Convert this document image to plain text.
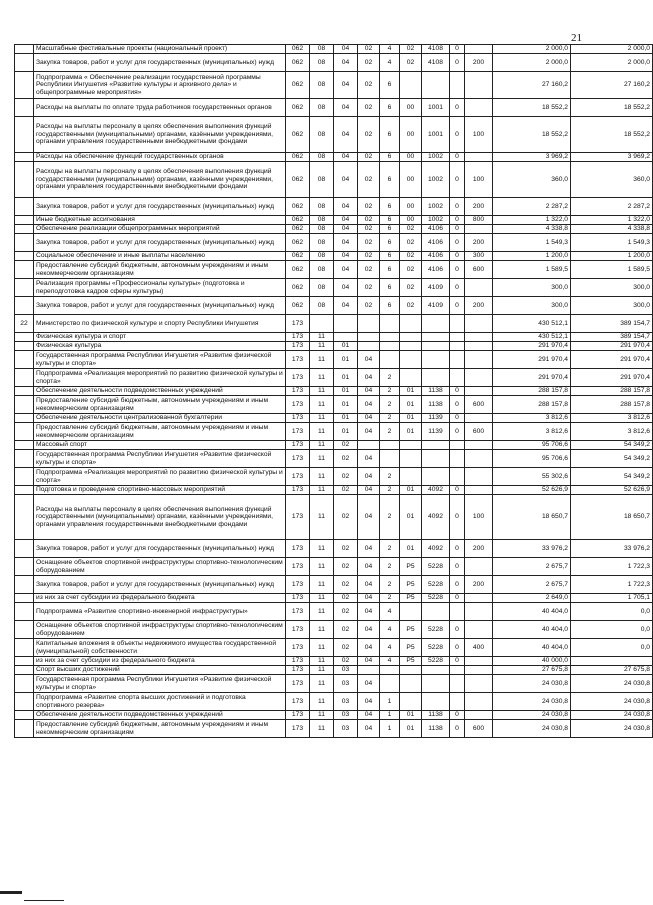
21
	Масштабные фестивальные проекты (национальный проект)	062	08	04	02	4	02	4108	0		2 000,0	2 000,0
	Закупка товаров, работ и услуг для государственных (муниципальных) нужд	062	08	04	02	4	02	4108	0	200	2 000,0	2 000,0
	Подпрограмма « Обеспечение реализации государственной программы Республики Ингушетия «Развитие культуры и архивного дела» и общепрограммные мероприятия»	062	08	04	02	6					27 160,2	27 160,2
	Расходы на выплаты по оплате труда работников государственных органов	062	08	04	02	6	00	1001	0		18 552,2	18 552,2
	Расходы на выплаты персоналу в целях обеспечения выполнения функций государственными (муниципальными) органами, казёнными учреждениями, органами управления государственными внебюджетными фондами	062	08	04	02	6	00	1001	0	100	18 552,2	18 552,2
	Расходы на обеспечение функций государственных органов	062	08	04	02	6	00	1002	0		3 969,2	3 969,2
	Расходы на выплаты персоналу в целях обеспечения выполнения функций государственными (муниципальными) органами, казёнными учреждениями, органами управления государственными внебюджетными фондами	062	08	04	02	6	00	1002	0	100	360,0	360,0
	Закупка товаров, работ и услуг для государственных (муниципальных) нужд	062	08	04	02	6	00	1002	0	200	2 287,2	2 287,2
	Иные бюджетные ассигнования	062	08	04	02	6	00	1002	0	800	1 322,0	1 322,0
	Обеспечение реализации общепрограммных мероприятий	062	08	04	02	6	02	4106	0		4 338,8	4 338,8
	Закупка товаров, работ и услуг для государственных (муниципальных) нужд	062	08	04	02	6	02	4106	0	200	1 549,3	1 549,3
	Социальное обеспечение и иные выплаты населению	062	08	04	02	6	02	4106	0	300	1 200,0	1 200,0
	Предоставление субсидий бюджетным, автономным учреждениям и иным некоммерческим организациям	062	08	04	02	6	02	4106	0	600	1 589,5	1 589,5
	Реализация программы «Профессионалы культуры» (подготовка и переподготовка кадров сферы культуры)	062	08	04	02	6	02	4109	0		300,0	300,0
	Закупка товаров, работ и услуг для государственных (муниципальных) нужд	062	08	04	02	6	02	4109	0	200	300,0	300,0
22	Министерство по физической культуре и спорту Республики Ингушетия	173									430 512,1	389 154,7
	Физическая культура и спорт	173	11								430 512,1	389 154,7
	Физическая культура	173	11	01							291 970,4	291 970,4
	Государственная программа Республики Ингушетия «Развитие физической культуры и спорта»	173	11	01	04						291 970,4	291 970,4
	Подпрограмма «Реализация мероприятий по развитию физической культуры и спорта»	173	11	01	04	2					291 970,4	291 970,4
	Обеспечение деятельности подведомственных учреждений	173	11	01	04	2	01	1138	0		288 157,8	288 157,8
	Предоставление субсидий бюджетным, автономным учреждениям и иным некоммерческим организациям	173	11	01	04	2	01	1138	0	600	288 157,8	288 157,8
	Обеспечение деятельности централизованной бухгалтерии	173	11	01	04	2	01	1139	0		3 812,6	3 812,6
	Предоставление субсидий бюджетным, автономным учреждениям и иным некоммерческим организациям	173	11	01	04	2	01	1139	0	600	3 812,6	3 812,6
	Массовый спорт	173	11	02							95 706,6	54 349,2
	Государственная программа Республики Ингушетия «Развитие физической культуры и спорта»	173	11	02	04						95 706,6	54 349,2
	Подпрограмма «Реализация мероприятий по развитию физической культуры и спорта»	173	11	02	04	2					55 302,6	54 349,2
	Подготовка и проведение спортивно-массовых мероприятий	173	11	02	04	2	01	4092	0		52 626,9	52 626,9
	Расходы на выплаты персоналу в целях обеспечения выполнения функций государственными (муниципальными) органами, казёнными учреждениями, органами управления государственными внебюджетными фондами	173	11	02	04	2	01	4092	0	100	18 650,7	18 650,7
	Закупка товаров, работ и услуг для государственных (муниципальных) нужд	173	11	02	04	2	01	4092	0	200	33 976,2	33 976,2
	Оснащение объектов спортивной инфраструктуры спортивно-технологическим оборудованием	173	11	02	04	2	P5	5228	0		2 675,7	1 722,3
	Закупка товаров, работ и услуг для государственных (муниципальных) нужд	173	11	02	04	2	P5	5228	0	200	2 675,7	1 722,3
	из них за счет субсидии из федерального бюджета	173	11	02	04	2	P5	5228	0		2 649,0	1 705,1
	Подпрограмма «Развитие спортивно-инженерной инфраструктуры»	173	11	02	04	4					40 404,0	0,0
	Оснащение объектов спортивной инфраструктуры спортивно-технологическим оборудованием	173	11	02	04	4	P5	5228	0		40 404,0	0,0
	Капитальные вложения в объекты недвижимого имущества государственной (муниципальной) собственности	173	11	02	04	4	P5	5228	0	400	40 404,0	0,0
	из них за счет субсидии из федерального бюджета	173	11	02	04	4	P5	5228	0		40 000,0	
	Спорт высших достижений	173	11	03							27 675,8	27 675,8
	Государственная программа Республики Ингушетия «Развитие физической культуры и спорта»	173	11	03	04						24 030,8	24 030,8
	Подпрограмма «Развитие спорта высших достижений и подготовка спортивного резерва»	173	11	03	04	1					24 030,8	24 030,8
	Обеспечение деятельности подведомственных учреждений	173	11	03	04	1	01	1138	0		24 030,8	24 030,8
	Предоставление субсидий бюджетным, автономным учреждениям и иным некоммерческим организациям	173	11	03	04	1	01	1138	0	600	24 030,8	24 030,8
